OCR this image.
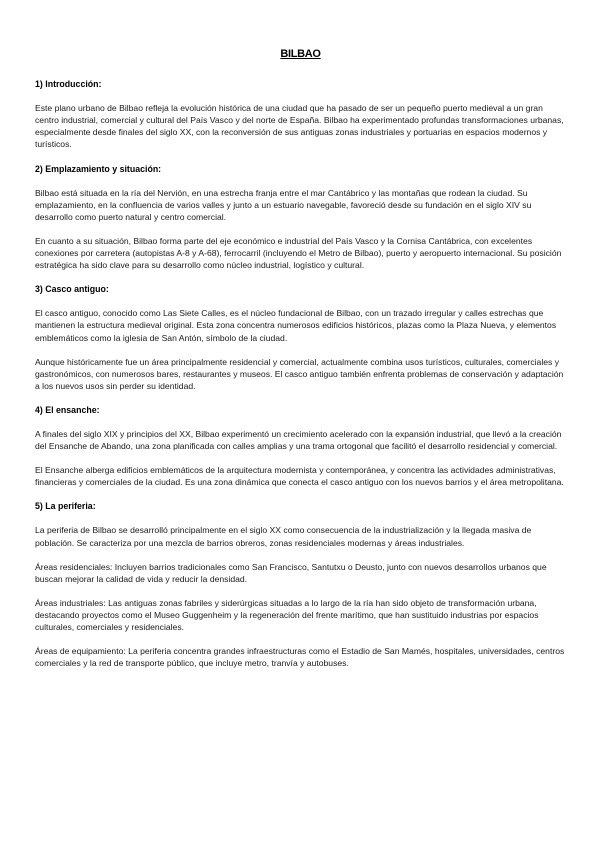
BILBAO
1) Introducción:

Este plano urbano de Bilbao refleja la evolución histórica de una ciudad que ha pasado de ser un pequeño puerto medieval a un gran centro industrial, comercial y cultural del País Vasco y del norte de España. Bilbao ha experimentado profundas transformaciones urbanas, especialmente desde finales del siglo XX, con la reconversión de sus antiguas zonas industriales y portuarias en espacios modernos y turísticos.

2) Emplazamiento y situación:

Bilbao está situada en la ría del Nervión, en una estrecha franja entre el mar Cantábrico y las montañas que rodean la ciudad. Su emplazamiento, en la confluencia de varios valles y junto a un estuario navegable, favoreció desde su fundación en el siglo XIV su desarrollo como puerto natural y centro comercial.

En cuanto a su situación, Bilbao forma parte del eje económico e industrial del País Vasco y la Cornisa Cantábrica, con excelentes conexiones por carretera (autopistas A-8 y A-68), ferrocarril (incluyendo el Metro de Bilbao), puerto y aeropuerto internacional. Su posición estratégica ha sido clave para su desarrollo como núcleo industrial, logístico y cultural.

3) Casco antiguo:

El casco antiguo, conocido como Las Siete Calles, es el núcleo fundacional de Bilbao, con un trazado irregular y calles estrechas que mantienen la estructura medieval original. Esta zona concentra numerosos edificios históricos, plazas como la Plaza Nueva, y elementos emblemáticos como la iglesia de San Antón, símbolo de la ciudad.

Aunque históricamente fue un área principalmente residencial y comercial, actualmente combina usos turísticos, culturales, comerciales y gastronómicos, con numerosos bares, restaurantes y museos. El casco antiguo también enfrenta problemas de conservación y adaptación a los nuevos usos sin perder su identidad.

4) El ensanche:

A finales del siglo XIX y principios del XX, Bilbao experimentó un crecimiento acelerado con la expansión industrial, que llevó a la creación del Ensanche de Abando, una zona planificada con calles amplias y una trama ortogonal que facilitó el desarrollo residencial y comercial.

El Ensanche alberga edificios emblemáticos de la arquitectura modernista y contemporánea, y concentra las actividades administrativas, financieras y comerciales de la ciudad. Es una zona dinámica que conecta el casco antiguo con los nuevos barrios y el área metropolitana.

5) La periferia:

La periferia de Bilbao se desarrolló principalmente en el siglo XX como consecuencia de la industrialización y la llegada masiva de población. Se caracteriza por una mezcla de barrios obreros, zonas residenciales modernas y áreas industriales.

Áreas residenciales: Incluyen barrios tradicionales como San Francisco, Santutxu o Deusto, junto con nuevos desarrollos urbanos que buscan mejorar la calidad de vida y reducir la densidad.

Áreas industriales: Las antiguas zonas fabriles y siderúrgicas situadas a lo largo de la ría han sido objeto de transformación urbana, destacando proyectos como el Museo Guggenheim y la regeneración del frente marítimo, que han sustituido industrias por espacios culturales, comerciales y residenciales.

Áreas de equipamiento: La periferia concentra grandes infraestructuras como el Estadio de San Mamés, hospitales, universidades, centros comerciales y la red de transporte público, que incluye metro, tranvía y autobuses.
